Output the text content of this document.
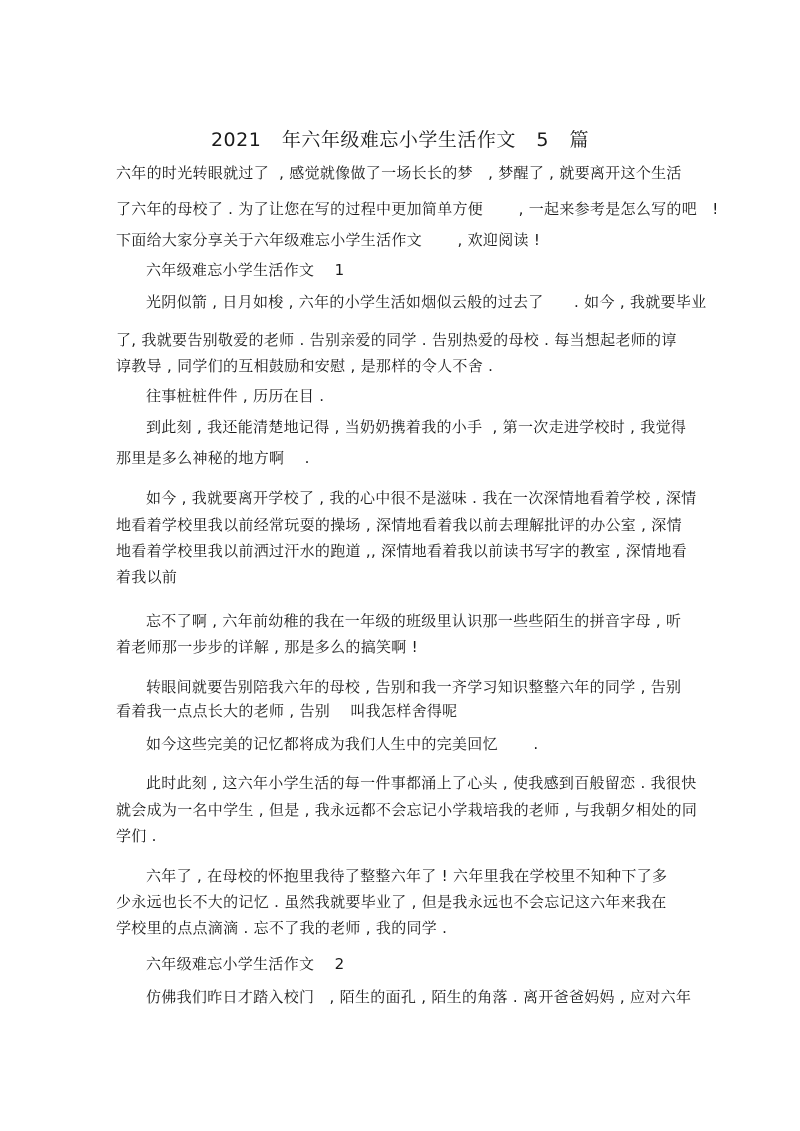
2021 年六年级难忘小学生活作文 5 篇
六年的时光转眼就过了  , 感觉就像做了一场长长的梦   , 梦醒了 , 就要离开这个生活
了六年的母校了 . 为了让您在写的过程中更加简单方便       , 一起来参考是怎么写的吧   !
下面给大家分享关于六年级难忘小学生活作文       , 欢迎阅读 !
六年级难忘小学生活作文    1
光阴似箭 , 日月如梭 , 六年的小学生活如烟似云般的过去了      . 如今 , 我就要毕业
了, 我就要告别敬爱的老师 . 告别亲爱的同学 . 告别热爱的母校 . 每当想起老师的谆
谆教导 , 同学们的互相鼓励和安慰 , 是那样的令人不舍 .
往事桩桩件件 , 历历在目 .
到此刻 , 我还能清楚地记得 , 当奶奶携着我的小手  , 第一次走进学校时 , 我觉得
那里是多么神秘的地方啊    .
如今 , 我就要离开学校了 , 我的心中很不是滋味 . 我在一次深情地看着学校 , 深情
地看着学校里我以前经常玩耍的操场 , 深情地看着我以前去理解批评的办公室 , 深情
地看着学校里我以前洒过汗水的跑道 ,, 深情地看着我以前读书写字的教室 , 深情地看
着我以前
忘不了啊 , 六年前幼稚的我在一年级的班级里认识那一些些陌生的拼音字母 , 听
着老师那一步步的详解 , 那是多么的搞笑啊 !
转眼间就要告别陪我六年的母校 , 告别和我一齐学习知识整整六年的同学 , 告别
看着我一点点长大的老师 , 告别    叫我怎样舍得呢
如今这些完美的记忆都将成为我们人生中的完美回忆       .
此时此刻 , 这六年小学生活的每一件事都涌上了心头 , 使我感到百般留恋 . 我很快
就会成为一名中学生 , 但是 , 我永远都不会忘记小学栽培我的老师 , 与我朝夕相处的同
学们 .
六年了 , 在母校的怀抱里我待了整整六年了 ! 六年里我在学校里不知种下了多
少永远也长不大的记忆 . 虽然我就要毕业了 , 但是我永远也不会忘记这六年来我在
学校里的点点滴滴 . 忘不了我的老师 , 我的同学 .
六年级难忘小学生活作文    2
仿佛我们昨日才踏入校门   , 陌生的面孔 , 陌生的角落 . 离开爸爸妈妈 , 应对六年
